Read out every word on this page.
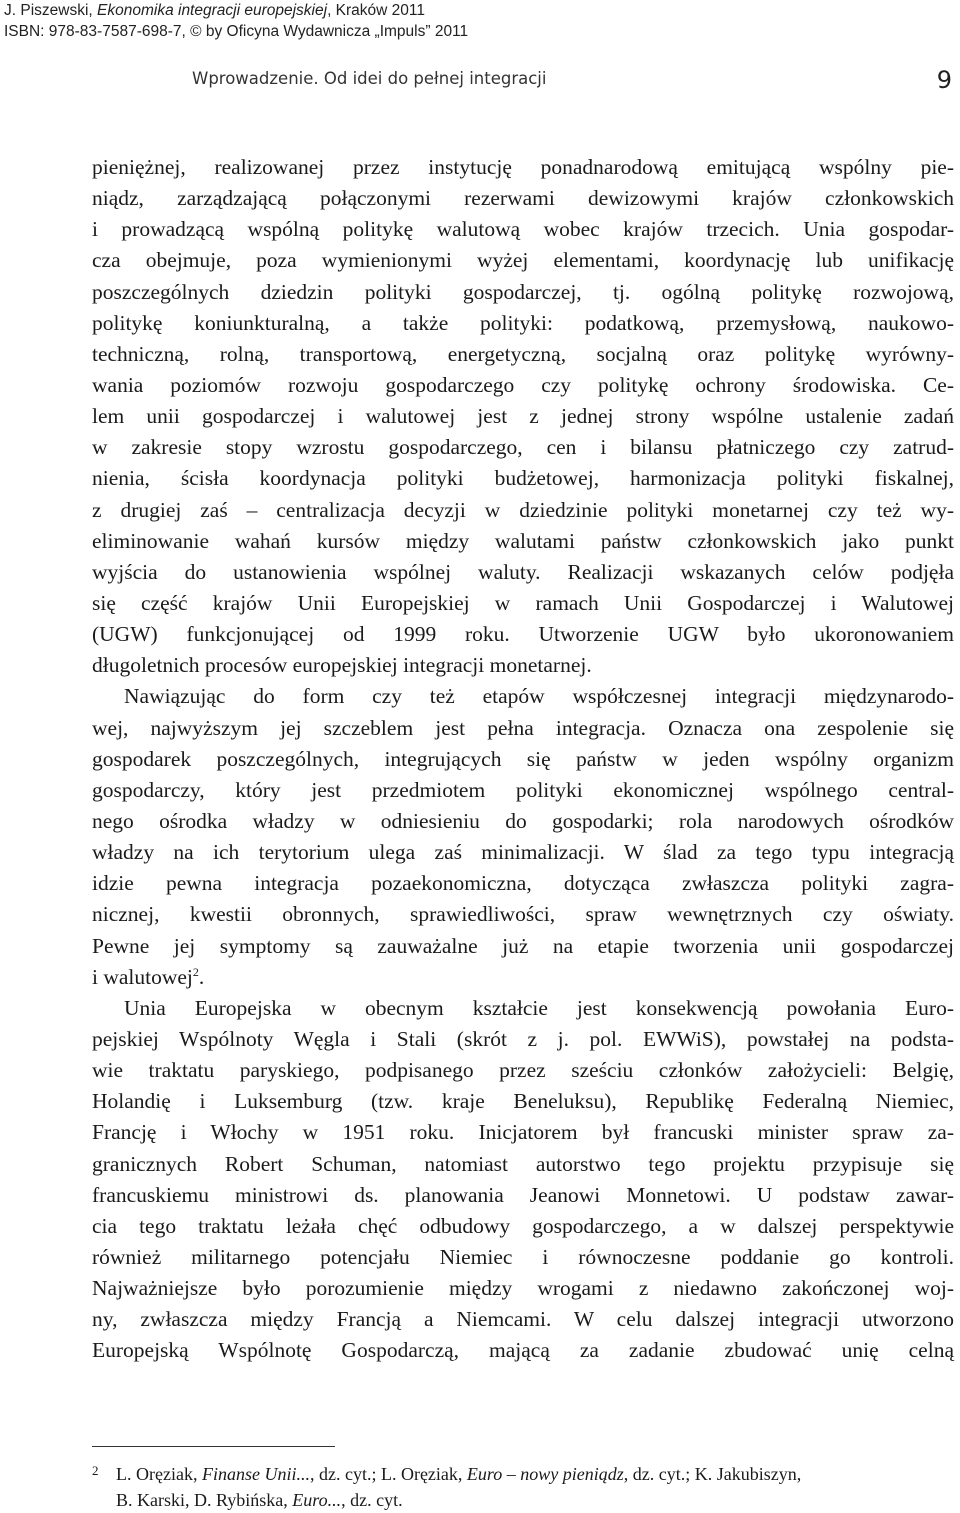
J. Piszewski, Ekonomika integracji europejskiej, Kraków 2011
ISBN: 978-83-7587-698-7, © by Oficyna Wydawnicza „Impuls” 2011
Wprowadzenie. Od idei do pełnej integracji	9
pieniężnej, realizowanej przez instytucję ponadnarodową emitującą wspólny pie-
niądz, zarządzającą połączonymi rezerwami dewizowymi krajów członkowskich
i prowadzącą wspólną politykę walutową wobec krajów trzecich. Unia gospodar-
cza obejmuje, poza wymienionymi wyżej elementami, koordynację lub unifikację
poszczególnych dziedzin polityki gospodarczej, tj. ogólną politykę rozwojową,
politykę koniunkturalną, a także polityki: podatkową, przemysłową, naukowo-
techniczną, rolną, transportową, energetyczną, socjalną oraz politykę wyrówny-
wania poziomów rozwoju gospodarczego czy politykę ochrony środowiska. Ce-
lem unii gospodarczej i walutowej jest z jednej strony wspólne ustalenie zadań
w zakresie stopy wzrostu gospodarczego, cen i bilansu płatniczego czy zatrud-
nienia, ścisła koordynacja polityki budżetowej, harmonizacja polityki fiskalnej,
z drugiej zaś – centralizacja decyzji w dziedzinie polityki monetarnej czy też wy-
eliminowanie wahań kursów między walutami państw członkowskich jako punkt
wyjścia do ustanowienia wspólnej waluty. Realizacji wskazanych celów podjęła
się część krajów Unii Europejskiej w ramach Unii Gospodarczej i Walutowej
(UGW) funkcjonującej od 1999 roku. Utworzenie UGW było ukoronowaniem
długoletnich procesów europejskiej integracji monetarnej.
Nawiązując do form czy też etapów współczesnej integracji międzynarodo-
wej, najwyższym jej szczeblem jest pełna integracja. Oznacza ona zespolenie się
gospodarek poszczególnych, integrujących się państw w jeden wspólny organizm
gospodarczy, który jest przedmiotem polityki ekonomicznej wspólnego central-
nego ośrodka władzy w odniesieniu do gospodarki; rola narodowych ośrodków
władzy na ich terytorium ulega zaś minimalizacji. W ślad za tego typu integracją
idzie pewna integracja pozaekonomiczna, dotycząca zwłaszcza polityki zagra-
nicznej, kwestii obronnych, sprawiedliwości, spraw wewnętrznych czy oświaty.
Pewne jej symptomy są zauważalne już na etapie tworzenia unii gospodarczej
i walutowej$^2$.
Unia Europejska w obecnym kształcie jest konsekwencją powołania Euro-
pejskiej Wspólnoty Węgla i Stali (skrót z j. pol. EWWiS), powstałej na podsta-
wie traktatu paryskiego, podpisanego przez sześciu członków założycieli: Belgię,
Holandię i Luksemburg (tzw. kraje Beneluksu), Republikę Federalną Niemiec,
Francję i Włochy w 1951 roku. Inicjatorem był francuski minister spraw za-
granicznych Robert Schuman, natomiast autorstwo tego projektu przypisuje się
francuskiemu ministrowi ds. planowania Jeanowi Monnetowi. U podstaw zawar-
cia tego traktatu leżała chęć odbudowy gospodarczego, a w dalszej perspektywie
również militarnego potencjału Niemiec i równoczesne poddanie go kontroli.
Najważniejsze było porozumienie między wrogami z niedawno zakończonej woj-
ny, zwłaszcza między Francją a Niemcami. W celu dalszej integracji utworzono
Europejską Wspólnotę Gospodarczą, mającą za zadanie zbudować unię celną
2 L. Oręziak, Finanse Unii..., dz. cyt.; L. Oręziak, Euro – nowy pieniądz, dz. cyt.; K. Jakubiszyn,
B. Karski, D. Rybińska, Euro..., dz. cyt.
